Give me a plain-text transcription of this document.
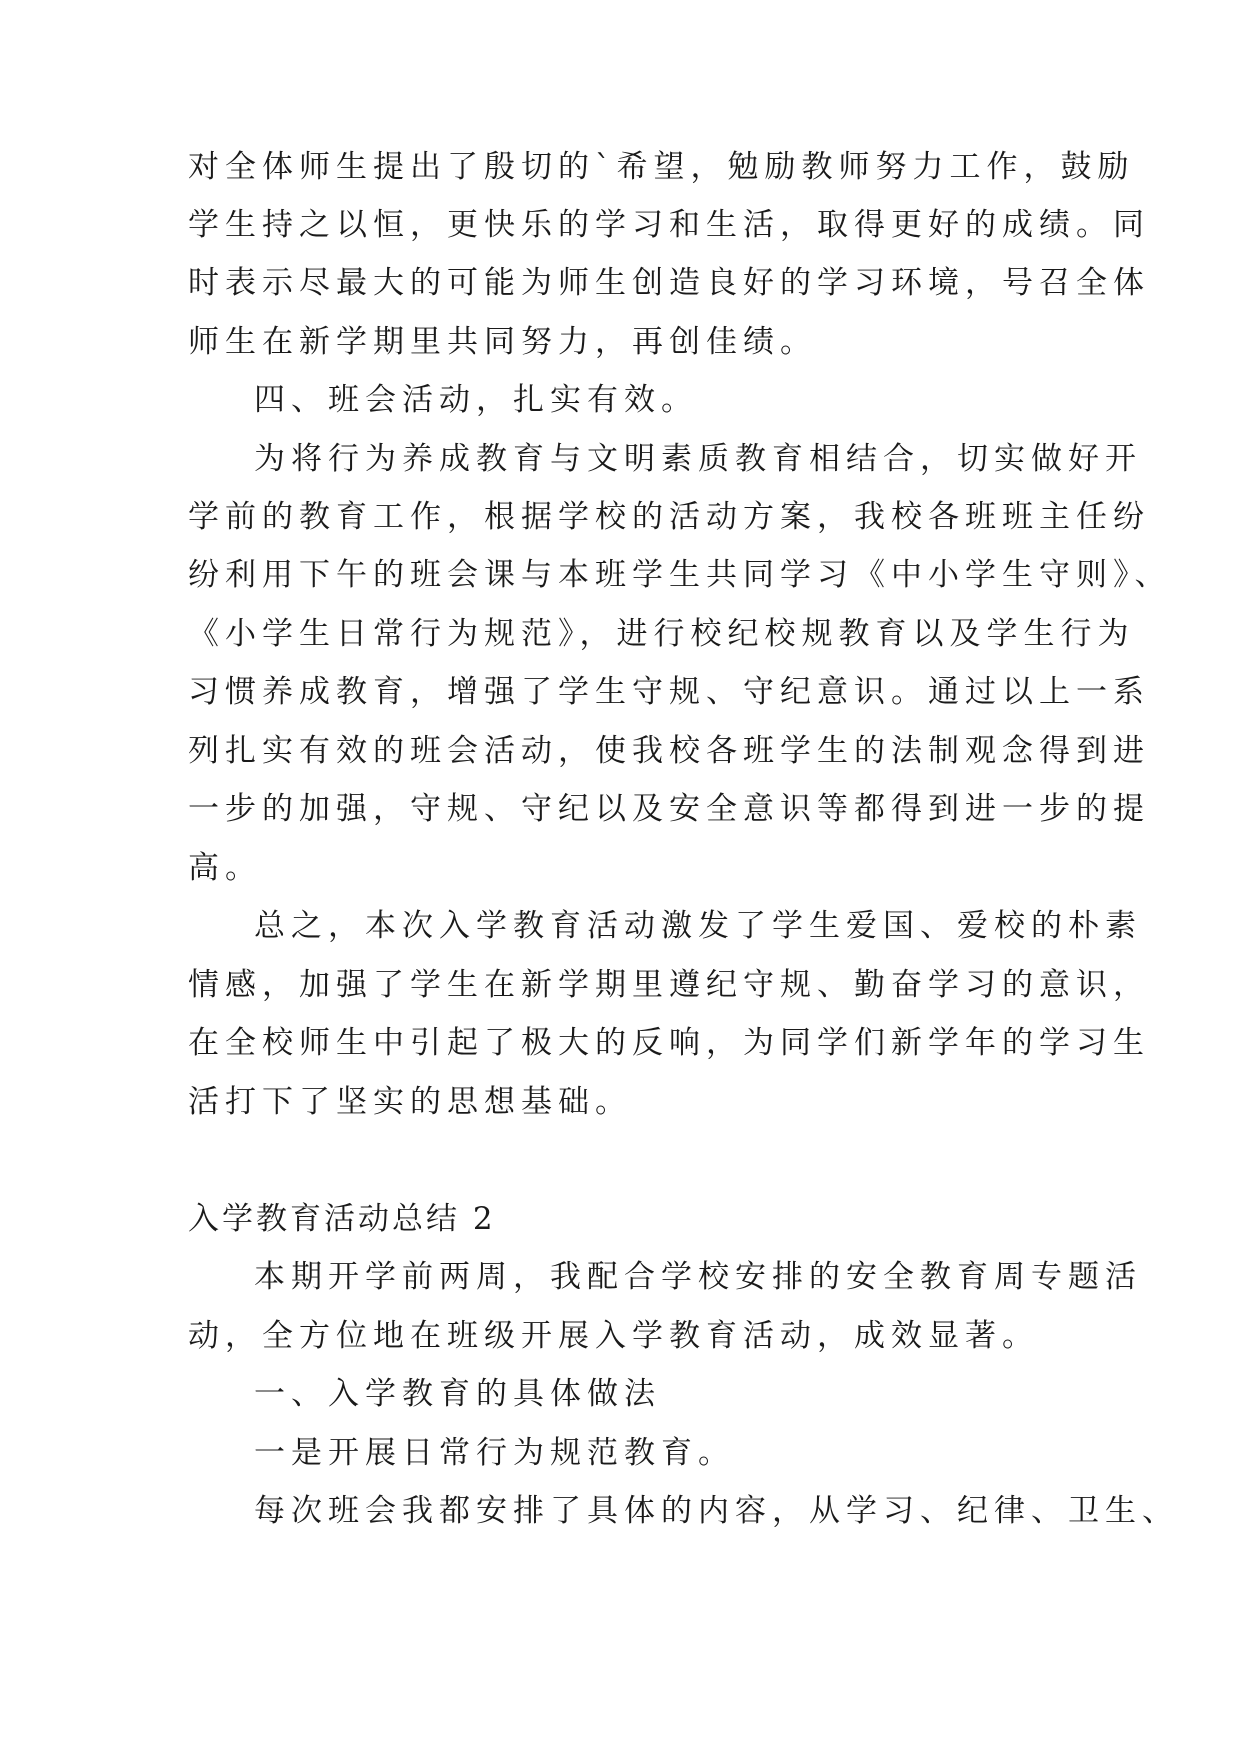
对全体师生提出了殷切的`希望，勉励教师努力工作，鼓励
学生持之以恒，更快乐的学习和生活，取得更好的成绩。同
时表示尽最大的可能为师生创造良好的学习环境，号召全体
师生在新学期里共同努力，再创佳绩。
四、班会活动，扎实有效。
为将行为养成教育与文明素质教育相结合，切实做好开
学前的教育工作，根据学校的活动方案，我校各班班主任纷
纷利用下午的班会课与本班学生共同学习《中小学生守则》、
《小学生日常行为规范》，进行校纪校规教育以及学生行为
习惯养成教育，增强了学生守规、守纪意识。通过以上一系
列扎实有效的班会活动，使我校各班学生的法制观念得到进
一步的加强，守规、守纪以及安全意识等都得到进一步的提
高。
总之，本次入学教育活动激发了学生爱国、爱校的朴素
情感，加强了学生在新学期里遵纪守规、勤奋学习的意识，
在全校师生中引起了极大的反响，为同学们新学年的学习生
活打下了坚实的思想基础。
入学教育活动总结 2
本期开学前两周，我配合学校安排的安全教育周专题活
动，全方位地在班级开展入学教育活动，成效显著。
一、入学教育的具体做法
一是开展日常行为规范教育。
每次班会我都安排了具体的内容，从学习、纪律、卫生、
